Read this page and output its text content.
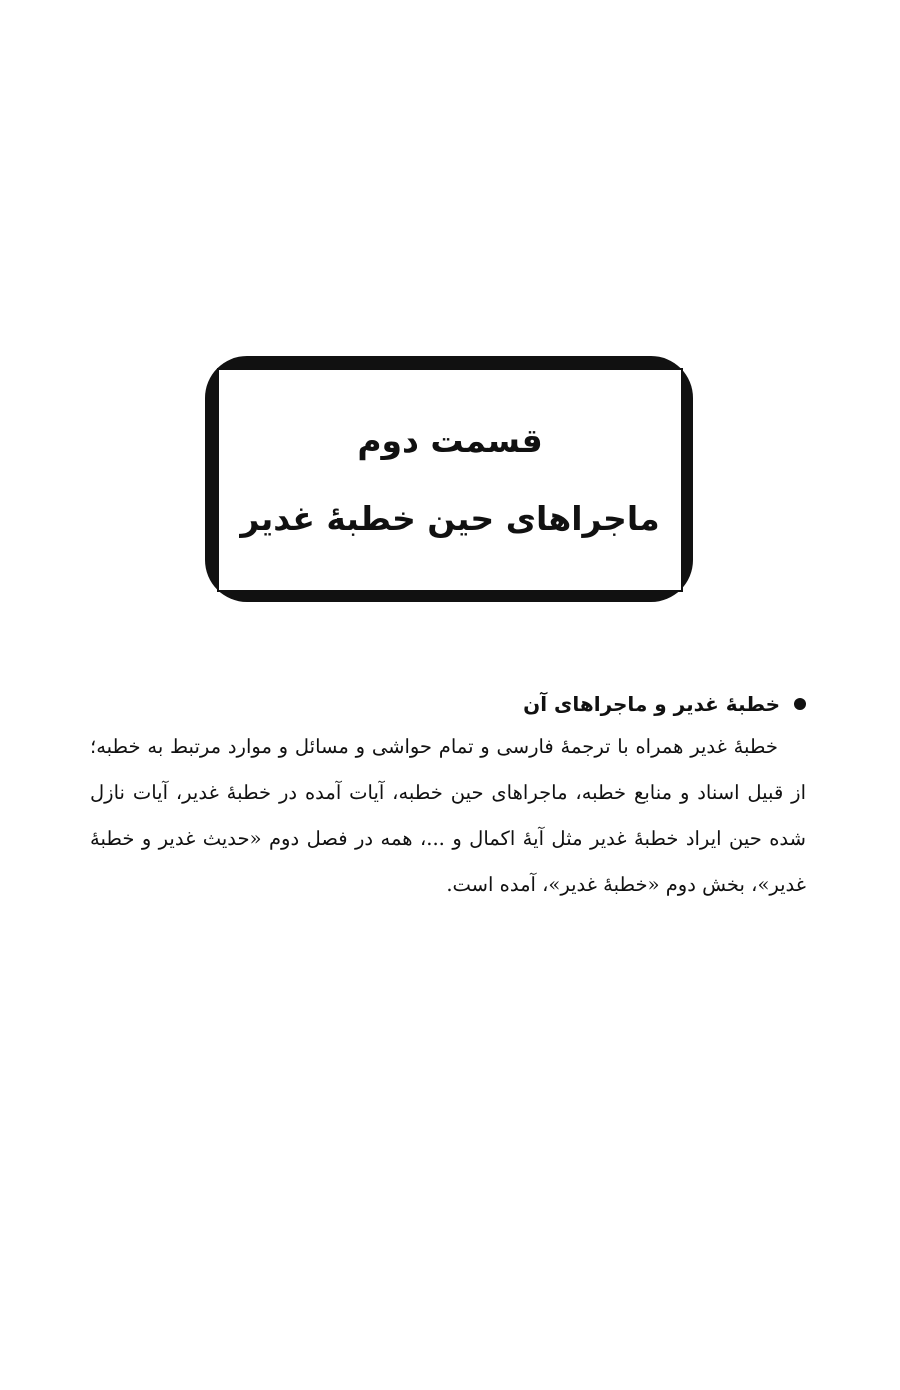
قسمت دوم
ماجراهای حین خطبۀ غدیر
خطبۀ غدیر و ماجراهای آن

خطبۀ غدیر همراه با ترجمۀ فارسی و تمام حواشی و مسائل و موارد مرتبط به خطبه؛ از قبیل اسناد و منابع خطبه، ماجراهای حین خطبه، آیات آمده در خطبۀ غدیر، آیات نازل شده حین ایراد خطبۀ غدیر مثل آیۀ اکمال و ...، همه در فصل دوم «حدیث غدیر و خطبۀ غدیر»، بخش دوم «خطبۀ غدیر»، آمده است.
